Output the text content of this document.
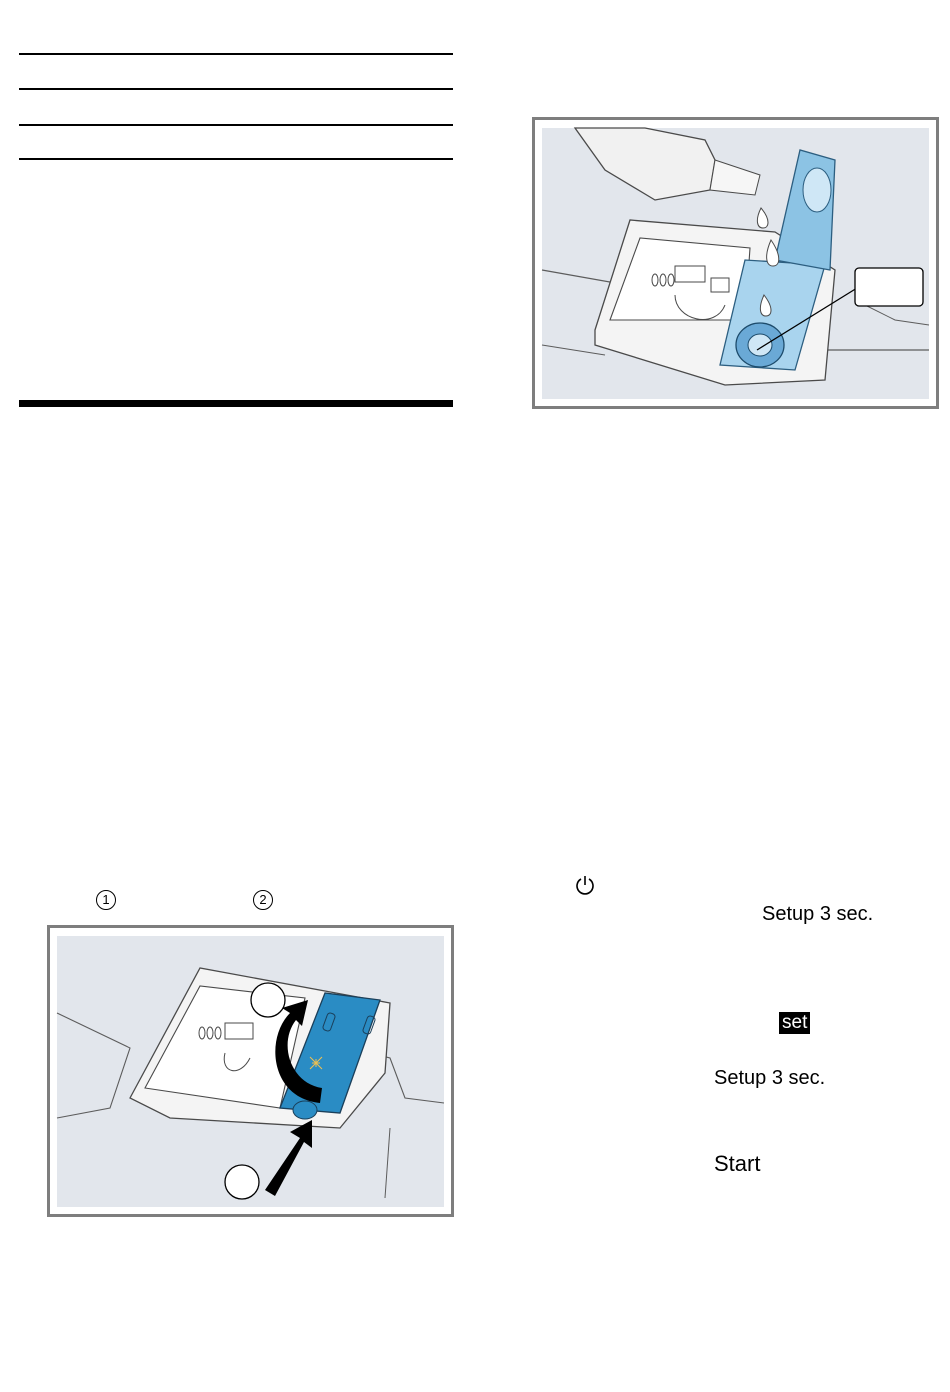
1	2
Setup 3 sec.
set
Setup 3 sec.
Start
